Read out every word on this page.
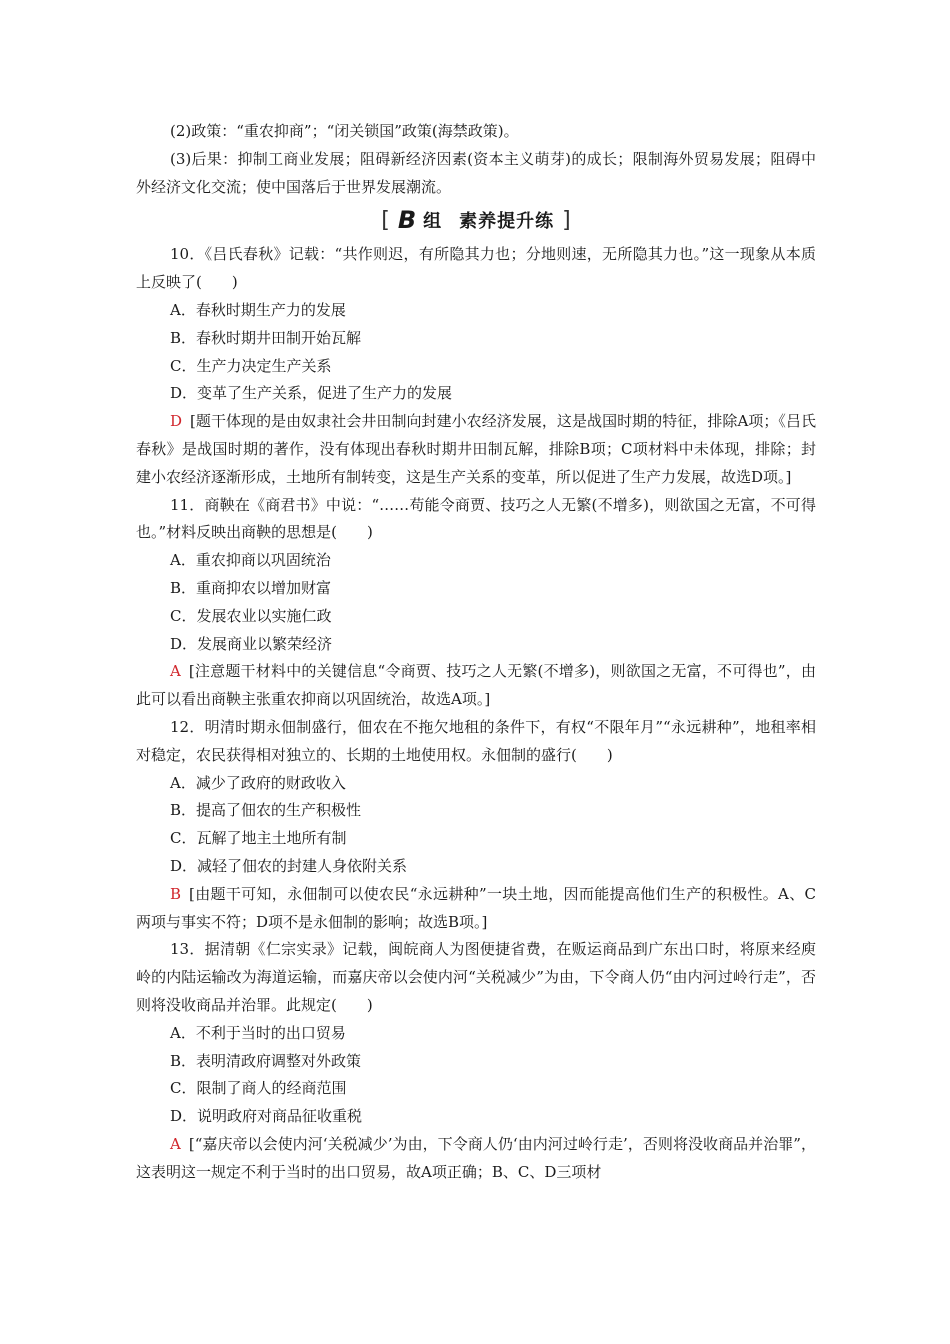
(2)政策：“重农抑商”；“闭关锁国”政策(海禁政策)。
(3)后果：抑制工商业发展；阻碍新经济因素(资本主义萌芽)的成长；限制海外贸易发展；阻碍中外经济文化交流；使中国落后于世界发展潮流。
[ B 组 素养提升练 ]
10．《吕氏春秋》记载：“共作则迟，有所隐其力也；分地则速，无所隐其力也。”这一现象从本质上反映了(　　)
A．春秋时期生产力的发展
B．春秋时期井田制开始瓦解
C．生产力决定生产关系
D．变革了生产关系，促进了生产力的发展
D [题干体现的是由奴隶社会井田制向封建小农经济发展，这是战国时期的特征，排除A项；《吕氏春秋》是战国时期的著作，没有体现出春秋时期井田制瓦解，排除B项；C项材料中未体现，排除；封建小农经济逐渐形成，土地所有制转变，这是生产关系的变革，所以促进了生产力发展，故选D项。]
11．商鞅在《商君书》中说：“……苟能令商贾、技巧之人无繁(不增多)，则欲国之无富，不可得也。”材料反映出商鞅的思想是(　　)
A．重农抑商以巩固统治
B．重商抑农以增加财富
C．发展农业以实施仁政
D．发展商业以繁荣经济
A [注意题干材料中的关键信息“令商贾、技巧之人无繁(不增多)，则欲国之无富，不可得也”，由此可以看出商鞅主张重农抑商以巩固统治，故选A项。]
12．明清时期永佃制盛行，佃农在不拖欠地租的条件下，有权“不限年月”“永远耕种”，地租率相对稳定，农民获得相对独立的、长期的土地使用权。永佃制的盛行(　　)
A．减少了政府的财政收入
B．提高了佃农的生产积极性
C．瓦解了地主土地所有制
D．减轻了佃农的封建人身依附关系
B [由题干可知，永佃制可以使农民“永远耕种”一块土地，因而能提高他们生产的积极性。A、C两项与事实不符；D项不是永佃制的影响；故选B项。]
13．据清朝《仁宗实录》记载，闽皖商人为图便捷省费，在贩运商品到广东出口时，将原来经庾岭的内陆运输改为海道运输，而嘉庆帝以会使内河“关税减少”为由，下令商人仍“由内河过岭行走”，否则将没收商品并治罪。此规定(　　)
A．不利于当时的出口贸易
B．表明清政府调整对外政策
C．限制了商人的经商范围
D．说明政府对商品征收重税
A [“嘉庆帝以会使内河‘关税减少’为由，下令商人仍‘由内河过岭行走’，否则将没收商品并治罪”，这表明这一规定不利于当时的出口贸易，故A项正确；B、C、D三项材
